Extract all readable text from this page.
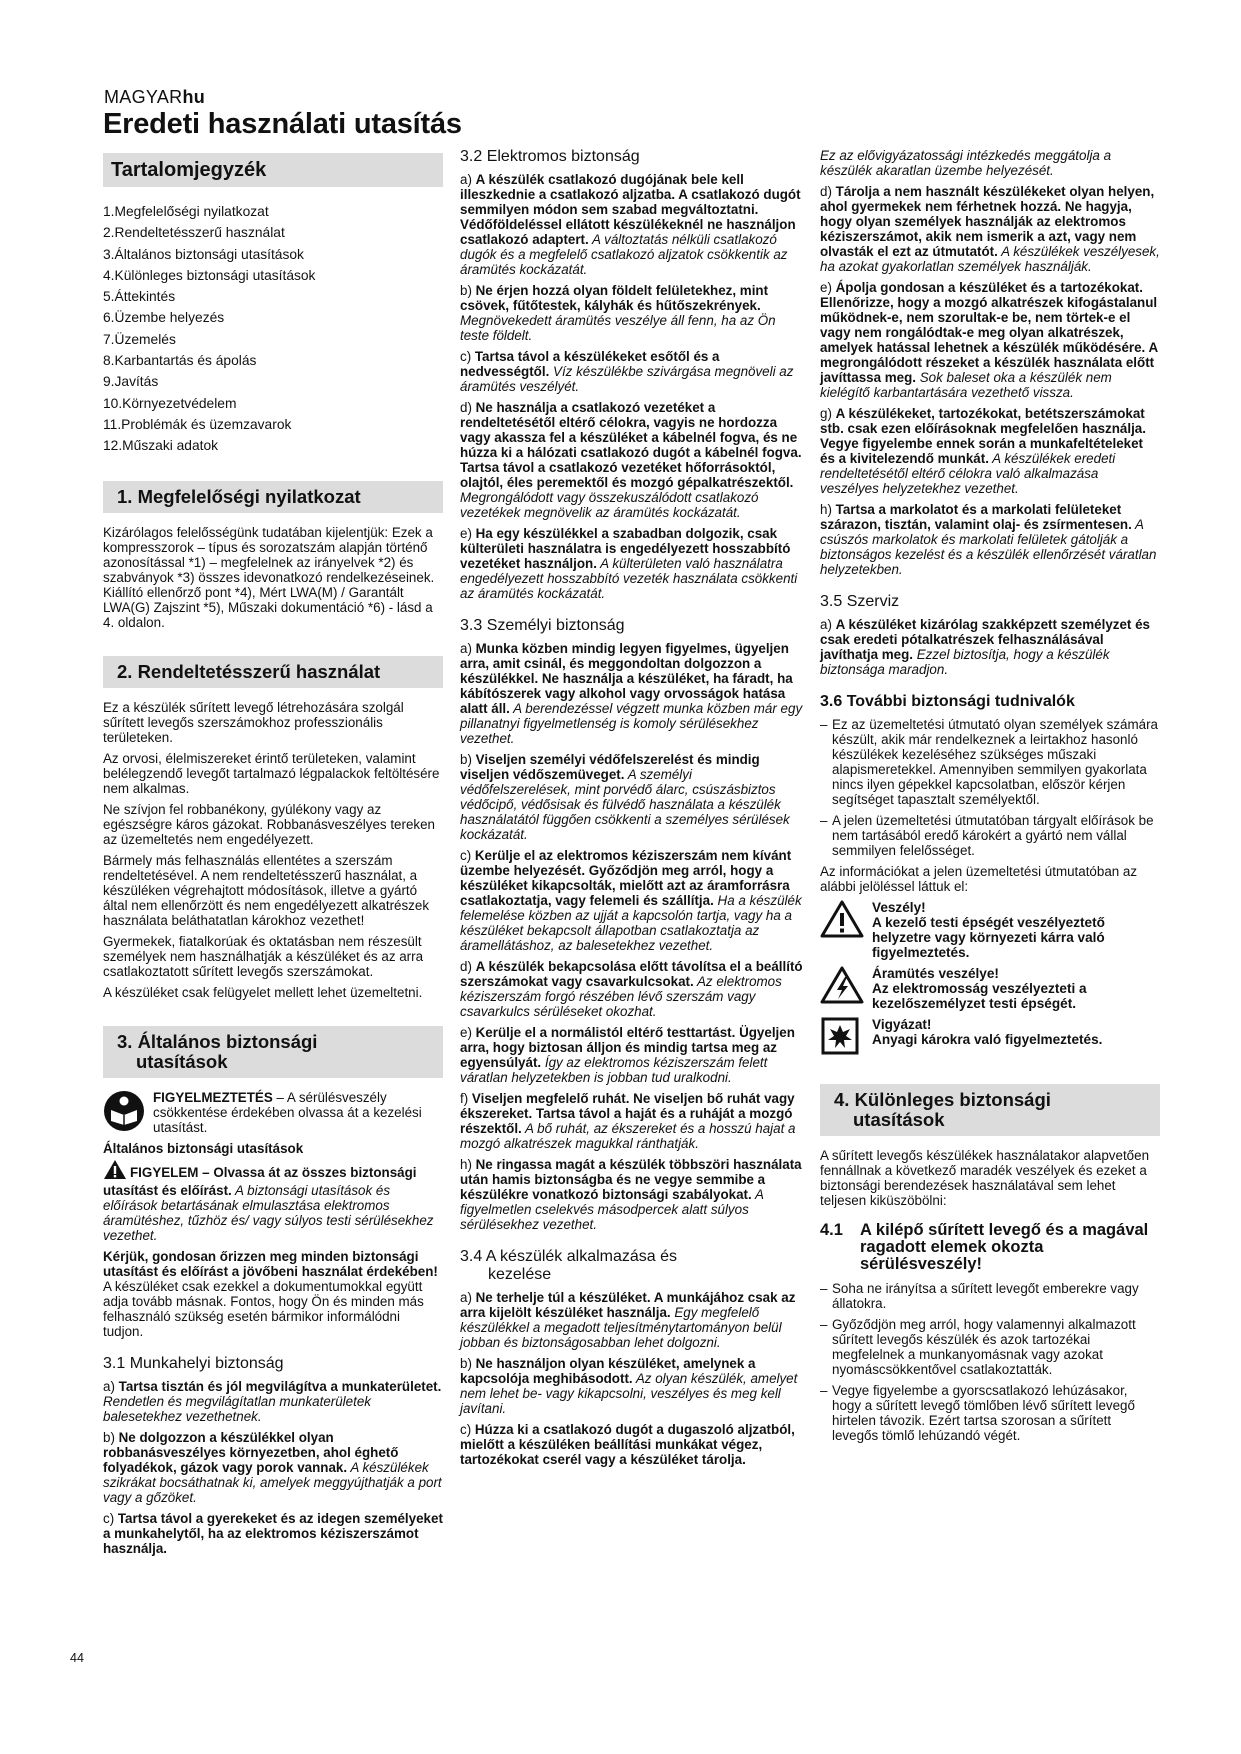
MAGYARhu
Eredeti használati utasítás
Tartalomjegyzék
1.Megfelelőségi nyilatkozat
2.Rendeltetésszerű használat
3.Általános biztonsági utasítások
4.Különleges biztonsági utasítások
5.Áttekintés
6.Üzembe helyezés
7.Üzemelés
8.Karbantartás és ápolás
9.Javítás
10.Környezetvédelem
11.Problémák és üzemzavarok
12.Műszaki adatok
1. Megfelelőségi nyilatkozat

Kizárólagos felelősségünk tudatában kijelentjük: Ezek a kompresszorok – típus és sorozatszám alapján történő azonosítással *1) – megfelelnek az irányelvek *2) és szabványok *3) összes idevonatkozó rendelkezéseinek. Kiállító ellenőrző pont *4), Mért LWA(M) / Garantált LWA(G) Zajszint *5), Műszaki dokumentáció *6) - lásd a 4. oldalon.

2. Rendeltetésszerű használat

Ez a készülék sűrített levegő létrehozására szolgál sűrített levegős szerszámokhoz professzionális területeken.

Az orvosi, élelmiszereket érintő területeken, valamint belélegzendő levegőt tartalmazó légpalackok feltöltésére nem alkalmas.

Ne szívjon fel robbanékony, gyúlékony vagy az egészségre káros gázokat. Robbanásveszélyes tereken az üzemeltetés nem engedélyezett.

Bármely más felhasználás ellentétes a szerszám rendeltetésével. A nem rendeltetésszerű használat, a készüléken végrehajtott módosítások, illetve a gyártó által nem ellenőrzött és nem engedélyezett alkatrészek használata beláthatatlan károkhoz vezethet!

Gyermekek, fiatalkorúak és oktatásban nem részesült személyek nem használhatják a készüléket és az arra csatlakoztatott sűrített levegős szerszámokat.

A készüléket csak felügyelet mellett lehet üzemeltetni.

3. Általános biztonsági
utasítások
FIGYELMEZTETÉS – A sérülésveszély csökkentése érdekében olvassa át a kezelési utasítást.

Általános biztonsági utasítások

FIGYELEM – Olvassa át az összes biztonsági utasítást és előírást. A biztonsági utasítások és előírások betartásának elmulasztása elektromos áramütéshez, tűzhöz és/ vagy súlyos testi sérülésekhez vezethet.

Kérjük, gondosan őrizzen meg minden biztonsági utasítást és előírást a jövőbeni használat érdekében! A készüléket csak ezekkel a dokumentumokkal együtt adja tovább másnak. Fontos, hogy Ön és minden más felhasználó szükség esetén bármikor informálódni tudjon.

3.1 Munkahelyi biztonság

a) Tartsa tisztán és jól megvilágítva a munkaterületet. Rendetlen és megvilágítatlan munkaterületek balesetekhez vezethetnek.

b) Ne dolgozzon a készülékkel olyan robbanásveszélyes környezetben, ahol éghető folyadékok, gázok vagy porok vannak. A készülékek szikrákat bocsáthatnak ki, amelyek meggyújthatják a port vagy a gőzöket.

c) Tartsa távol a gyerekeket és az idegen személyeket a munkahelytől, ha az elektromos kéziszerszámot használja.

3.2 Elektromos biztonság

a) A készülék csatlakozó dugójának bele kell illeszkednie a csatlakozó aljzatba. A csatlakozó dugót semmilyen módon sem szabad megváltoztatni. Védőföldeléssel ellátott készülékeknél ne használjon csatlakozó adaptert. A változtatás nélküli csatlakozó dugók és a megfelelő csatlakozó aljzatok csökkentik az áramütés kockázatát.

b) Ne érjen hozzá olyan földelt felületekhez, mint csövek, fűtőtestek, kályhák és hűtőszekrények. Megnövekedett áramütés veszélye áll fenn, ha az Ön teste földelt.

c) Tartsa távol a készülékeket esőtől és a nedvességtől. Víz készülékbe szivárgása megnöveli az áramütés veszélyét.

d) Ne használja a csatlakozó vezetéket a rendeltetésétől eltérő célokra, vagyis ne hordozza vagy akassza fel a készüléket a kábelnél fogva, és ne húzza ki a hálózati csatlakozó dugót a kábelnél fogva. Tartsa távol a csatlakozó vezetéket hőforrásoktól, olajtól, éles peremektől és mozgó gépalkatrészektől. Megrongálódott vagy összekuszálódott csatlakozó vezetékek megnövelik az áramütés kockázatát.

e) Ha egy készülékkel a szabadban dolgozik, csak külterületi használatra is engedélyezett hosszabbító vezetéket használjon. A külterületen való használatra engedélyezett hosszabbító vezeték használata csökkenti az áramütés kockázatát.

3.3 Személyi biztonság

a) Munka közben mindig legyen figyelmes, ügyeljen arra, amit csinál, és meggondoltan dolgozzon a készülékkel. Ne használja a készüléket, ha fáradt, ha kábítószerek vagy alkohol vagy orvosságok hatása alatt áll. A berendezéssel végzett munka közben már egy pillanatnyi figyelmetlenség is komoly sérülésekhez vezethet.

b) Viseljen személyi védőfelszerelést és mindig viseljen védőszemüveget. A személyi védőfelszerelések, mint porvédő álarc, csúszásbiztos védőcipő, védősisak és fülvédő használata a készülék használatától függően csökkenti a személyes sérülések kockázatát.

c) Kerülje el az elektromos kéziszerszám nem kívánt üzembe helyezését. Győződjön meg arról, hogy a készüléket kikapcsolták, mielőtt azt az áramforrásra csatlakoztatja, vagy felemeli és szállítja. Ha a készülék felemelése közben az ujját a kapcsolón tartja, vagy ha a készüléket bekapcsolt állapotban csatlakoztatja az áramellátáshoz, az balesetekhez vezethet.

d) A készülék bekapcsolása előtt távolítsa el a beállító szerszámokat vagy csavarkulcsokat. Az elektromos kéziszerszám forgó részében lévő szerszám vagy csavarkulcs sérüléseket okozhat.

e) Kerülje el a normálistól eltérő testtartást. Ügyeljen arra, hogy biztosan álljon és mindig tartsa meg az egyensúlyát. Így az elektromos kéziszerszám felett váratlan helyzetekben is jobban tud uralkodni.

f) Viseljen megfelelő ruhát. Ne viseljen bő ruhát vagy ékszereket. Tartsa távol a haját és a ruháját a mozgó részektől. A bő ruhát, az ékszereket és a hosszú hajat a mozgó alkatrészek magukkal ránthatják.

h) Ne ringassa magát a készülék többszöri használata után hamis biztonságba és ne vegye semmibe a készülékre vonatkozó biztonsági szabályokat. A figyelmetlen cselekvés másodpercek alatt súlyos sérülésekhez vezethet.

3.4 A készülék alkalmazása és
kezelése

a) Ne terhelje túl a készüléket. A munkájához csak az arra kijelölt készüléket használja. Egy megfelelő készülékkel a megadott teljesítménytartományon belül jobban és biztonságosabban lehet dolgozni.

b) Ne használjon olyan készüléket, amelynek a kapcsolója meghibásodott. Az olyan készülék, amelyet nem lehet be- vagy kikapcsolni, veszélyes és meg kell javítani.

c) Húzza ki a csatlakozó dugót a dugaszoló aljzatból, mielőtt a készüléken beállítási munkákat végez, tartozékokat cserél vagy a készüléket tárolja.

Ez az elővigyázatossági intézkedés meggátolja a készülék akaratlan üzembe helyezését.

d) Tárolja a nem használt készülékeket olyan helyen, ahol gyermekek nem férhetnek hozzá. Ne hagyja, hogy olyan személyek használják az elektromos kéziszerszámot, akik nem ismerik a azt, vagy nem olvasták el ezt az útmutatót. A készülékek veszélyesek, ha azokat gyakorlatlan személyek használják.

e) Ápolja gondosan a készüléket és a tartozékokat. Ellenőrizze, hogy a mozgó alkatrészek kifogástalanul működnek-e, nem szorultak-e be, nem törtek-e el vagy nem rongálódtak-e meg olyan alkatrészek, amelyek hatással lehetnek a készülék működésére. A megrongálódott részeket a készülék használata előtt javíttassa meg. Sok baleset oka a készülék nem kielégítő karbantartására vezethető vissza.

g) A készülékeket, tartozékokat, betétszerszámokat stb. csak ezen előírásoknak megfelelően használja. Vegye figyelembe ennek során a munkafeltételeket és a kivitelezendő munkát. A készülékek eredeti rendeltetésétől eltérő célokra való alkalmazása veszélyes helyzetekhez vezethet.

h) Tartsa a markolatot és a markolati felületeket szárazon, tisztán, valamint olaj- és zsírmentesen. A csúszós markolatok és markolati felületek gátolják a biztonságos kezelést és a készülék ellenőrzését váratlan helyzetekben.

3.5 Szerviz

a) A készüléket kizárólag szakképzett személyzet és csak eredeti pótalkatrészek felhasználásával javíthatja meg. Ezzel biztosítja, hogy a készülék biztonsága maradjon.

3.6 További biztonsági tudnivalók
– Ez az üzemeltetési útmutató olyan személyek számára készült, akik már rendelkeznek a leirtakhoz hasonló készülékek kezeléséhez szükséges műszaki alapismeretekkel. Amennyiben semmilyen gyakorlata nincs ilyen gépekkel kapcsolatban, először kérjen segítséget tapasztalt személyektől.
– A jelen üzemeltetési útmutatóban tárgyalt előírások be nem tartásából eredő károkért a gyártó nem vállal semmilyen felelősséget.

Az információkat a jelen üzemeltetési útmutatóban az alábbi jelöléssel láttuk el:

Veszély!
A kezelő testi épségét veszélyeztető helyzetre vagy környezeti kárra való figyelmeztetés.
Áramütés veszélye!
Az elektromosság veszélyezteti a kezelőszemélyzet testi épségét.
Vigyázat!
Anyagi károkra való figyelmeztetés.
4. Különleges biztonsági
utasítások

A sűrített levegős készülékek használatakor alapvetően fennállnak a következő maradék veszélyek és ezeket a biztonsági berendezések használatával sem lehet teljesen kiküszöbölni:

4.1	A kilépő sűrített levegő és a magával ragadott elemek okozta sérülésveszély!
– Soha ne irányítsa a sűrített levegőt emberekre vagy állatokra.
– Győződjön meg arról, hogy valamennyi alkalmazott sűrített levegős készülék és azok tartozékai megfelelnek a munkanyomásnak vagy azokat nyomáscsökkentővel csatlakoztatták.
– Vegye figyelembe a gyorscsatlakozó lehúzásakor, hogy a sűrített levegő tömlőben lévő sűrített levegő hirtelen távozik. Ezért tartsa szorosan a sűrített levegős tömlő lehúzandó végét.
44
